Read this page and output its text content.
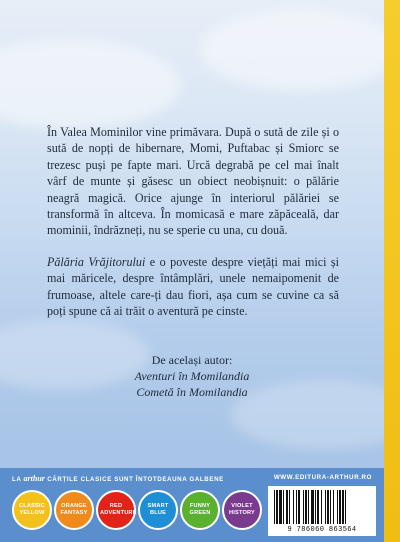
În Valea Mominilor vine primăvara. După o sută de zile și o sută de nopți de hibernare, Momi, Puftabac și Smiorc se trezesc puși pe fapte mari. Urcă degrabă pe cel mai înalt vârf de munte și găsesc un obiect neobișnuit: o pălărie neagră magică. Orice ajunge în interiorul pălăriei se transformă în altceva. În momicasă e mare zăpăceală, dar mominii, îndrăzneți, nu se sperie cu una, cu două.

Pălăria Vrăjitorului e o poveste despre viețăți mai mici și mai măricele, despre întâmplări, unele nemaipomenit de frumoase, altele care-ți dau fiori, așa cum se cuvine ca să poți spune că ai trăit o aventură pe cinste.

De același autor:
Aventuri în Momilandia
Cometă în Momilandia
LA arthur CĂRȚILE CLASICE SUNT ÎNTOTDEAUNA GALBENE	WWW.EDITURA-ARTHUR.RO
CLASSIC YELLOW
ORANGE FANTASY
RED ADVENTURE
SMART BLUE
FUNNY GREEN
VIOLET HISTORY
9 786060 863564
